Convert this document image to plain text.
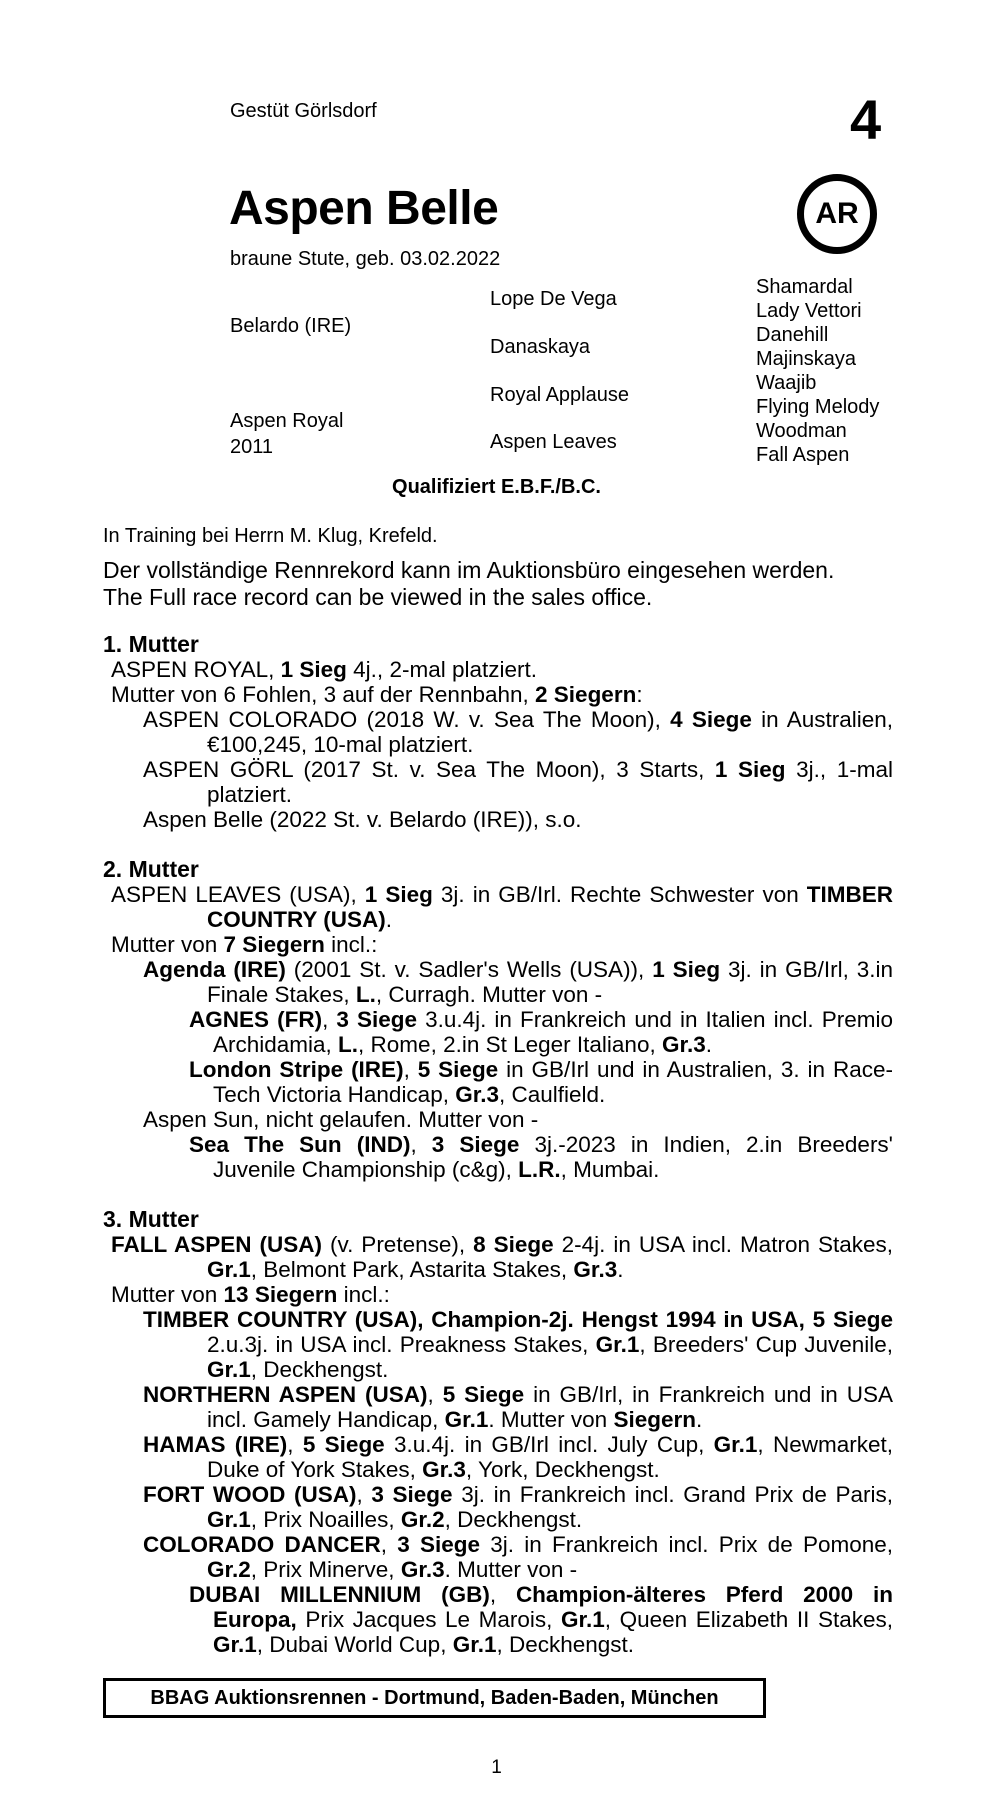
Gestüt Görlsdorf	4
Aspen Belle
braune Stute, geb. 03.02.2022
AR
Belardo (IRE)
Aspen Royal
2011
Lope De Vega
Danaskaya
Royal Applause
Aspen Leaves
Shamardal
Lady Vettori
Danehill
Majinskaya
Waajib
Flying Melody
Woodman
Fall Aspen
Qualifiziert E.B.F./B.C.
In Training bei Herrn M. Klug, Krefeld.
Der vollständige Rennrekord kann im Auktionsbüro eingesehen werden.
The Full race record can be viewed in the sales office.
1. Mutter
ASPEN ROYAL, 1 Sieg 4j., 2-mal platziert.
Mutter von 6 Fohlen, 3 auf der Rennbahn, 2 Siegern:
ASPEN COLORADO (2018 W. v. Sea The Moon), 4 Siege in Australien, €100,245, 10-mal platziert.
ASPEN GÖRL (2017 St. v. Sea The Moon), 3 Starts, 1 Sieg 3j., 1-mal platziert.
Aspen Belle (2022 St. v. Belardo (IRE)), s.o.
2. Mutter
ASPEN LEAVES (USA), 1 Sieg 3j. in GB/Irl. Rechte Schwester von TIMBER COUNTRY (USA).
Mutter von 7 Siegern incl.:
Agenda (IRE) (2001 St. v. Sadler's Wells (USA)), 1 Sieg 3j. in GB/Irl, 3.in Finale Stakes, L., Curragh. Mutter von -
AGNES (FR), 3 Siege 3.u.4j. in Frankreich und in Italien incl. Premio Archidamia, L., Rome, 2.in St Leger Italiano, Gr.3.
London Stripe (IRE), 5 Siege in GB/Irl und in Australien, 3. in Race-Tech Victoria Handicap, Gr.3, Caulfield.
Aspen Sun, nicht gelaufen. Mutter von -
Sea The Sun (IND), 3 Siege 3j.-2023 in Indien, 2.in Breeders' Juvenile Championship (c&g), L.R., Mumbai.
3. Mutter
FALL ASPEN (USA) (v. Pretense), 8 Siege 2-4j. in USA incl. Matron Stakes, Gr.1, Belmont Park, Astarita Stakes, Gr.3.
Mutter von 13 Siegern incl.:
TIMBER COUNTRY (USA), Champion-2j. Hengst 1994 in USA, 5 Siege 2.u.3j. in USA incl. Preakness Stakes, Gr.1, Breeders' Cup Juvenile, Gr.1, Deckhengst.
NORTHERN ASPEN (USA), 5 Siege in GB/Irl, in Frankreich und in USA incl. Gamely Handicap, Gr.1. Mutter von Siegern.
HAMAS (IRE), 5 Siege 3.u.4j. in GB/Irl incl. July Cup, Gr.1, Newmarket, Duke of York Stakes, Gr.3, York, Deckhengst.
FORT WOOD (USA), 3 Siege 3j. in Frankreich incl. Grand Prix de Paris, Gr.1, Prix Noailles, Gr.2, Deckhengst.
COLORADO DANCER, 3 Siege 3j. in Frankreich incl. Prix de Pomone, Gr.2, Prix Minerve, Gr.3. Mutter von -
DUBAI MILLENNIUM (GB), Champion-älteres Pferd 2000 in Europa, Prix Jacques Le Marois, Gr.1, Queen Elizabeth II Stakes, Gr.1, Dubai World Cup, Gr.1, Deckhengst.
BBAG Auktionsrennen - Dortmund, Baden-Baden, München
1
